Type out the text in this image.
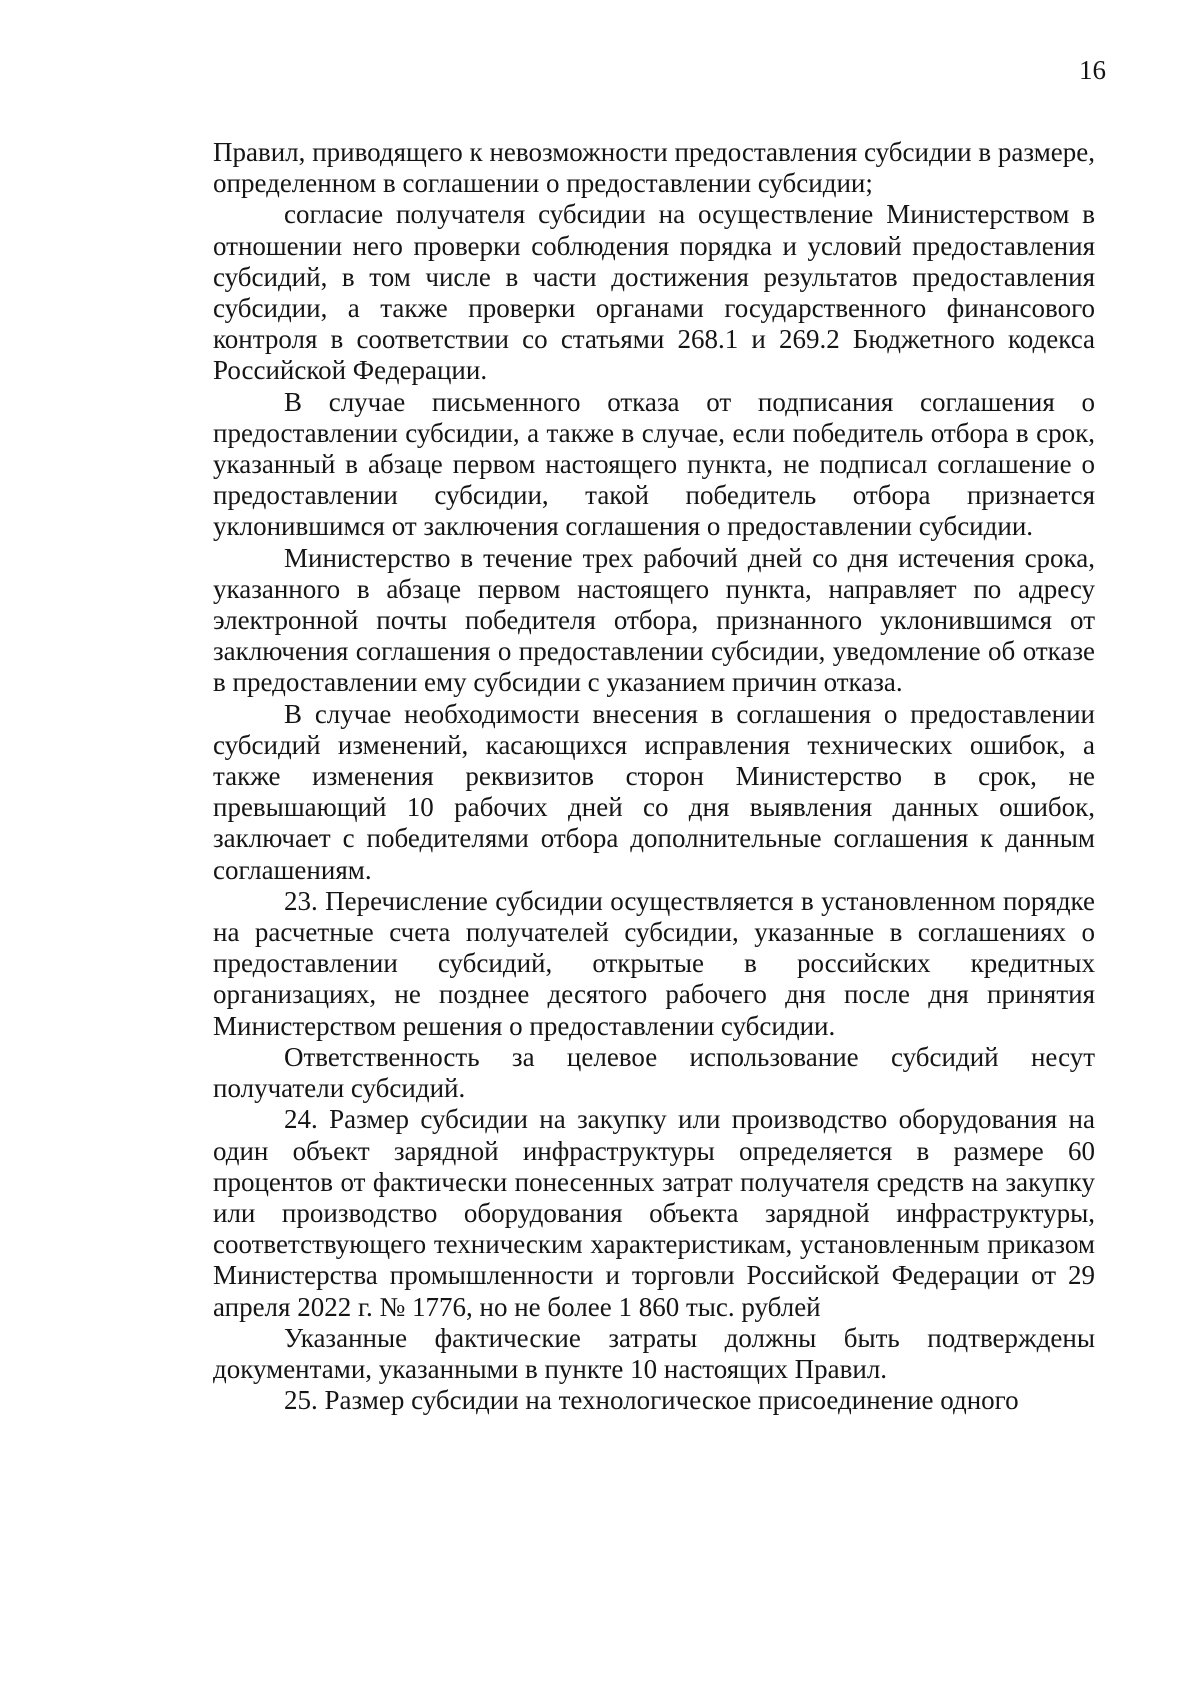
16

Правил, приводящего к невозможности предоставления субсидии в размере, определенном в соглашении о предоставлении субсидии;

согласие получателя субсидии на осуществление Министерством в отношении него проверки соблюдения порядка и условий предоставления субсидий, в том числе в части достижения результатов предоставления субсидии, а также проверки органами государственного финансового контроля в соответствии со статьями 268.1 и 269.2 Бюджетного кодекса Российской Федерации.

В случае письменного отказа от подписания соглашения о предоставлении субсидии, а также в случае, если победитель отбора в срок, указанный в абзаце первом настоящего пункта, не подписал соглашение о предоставлении субсидии, такой победитель отбора признается уклонившимся от заключения соглашения о предоставлении субсидии.

Министерство в течение трех рабочий дней со дня истечения срока, указанного в абзаце первом настоящего пункта, направляет по адресу электронной почты победителя отбора, признанного уклонившимся от заключения соглашения о предоставлении субсидии, уведомление об отказе в предоставлении ему субсидии с указанием причин отказа.

В случае необходимости внесения в соглашения о предоставлении субсидий изменений, касающихся исправления технических ошибок, а также изменения реквизитов сторон Министерство в срок, не превышающий 10 рабочих дней со дня выявления данных ошибок, заключает с победителями отбора дополнительные соглашения к данным соглашениям.

23. Перечисление субсидии осуществляется в установленном порядке на расчетные счета получателей субсидии, указанные в соглашениях о предоставлении субсидий, открытые в российских кредитных организациях, не позднее десятого рабочего дня после дня принятия Министерством решения о предоставлении субсидии.

Ответственность за целевое использование субсидий несут получатели субсидий.

24. Размер субсидии на закупку или производство оборудования на один объект зарядной инфраструктуры определяется в размере 60 процентов от фактически понесенных затрат получателя средств на закупку или производство оборудования объекта зарядной инфраструктуры, соответствующего техническим характеристикам, установленным приказом Министерства промышленности и торговли Российской Федерации от 29 апреля 2022 г. № 1776, но не более 1 860 тыс. рублей

Указанные фактические затраты должны быть подтверждены документами, указанными в пункте 10 настоящих Правил.

25. Размер субсидии на технологическое присоединение одного
